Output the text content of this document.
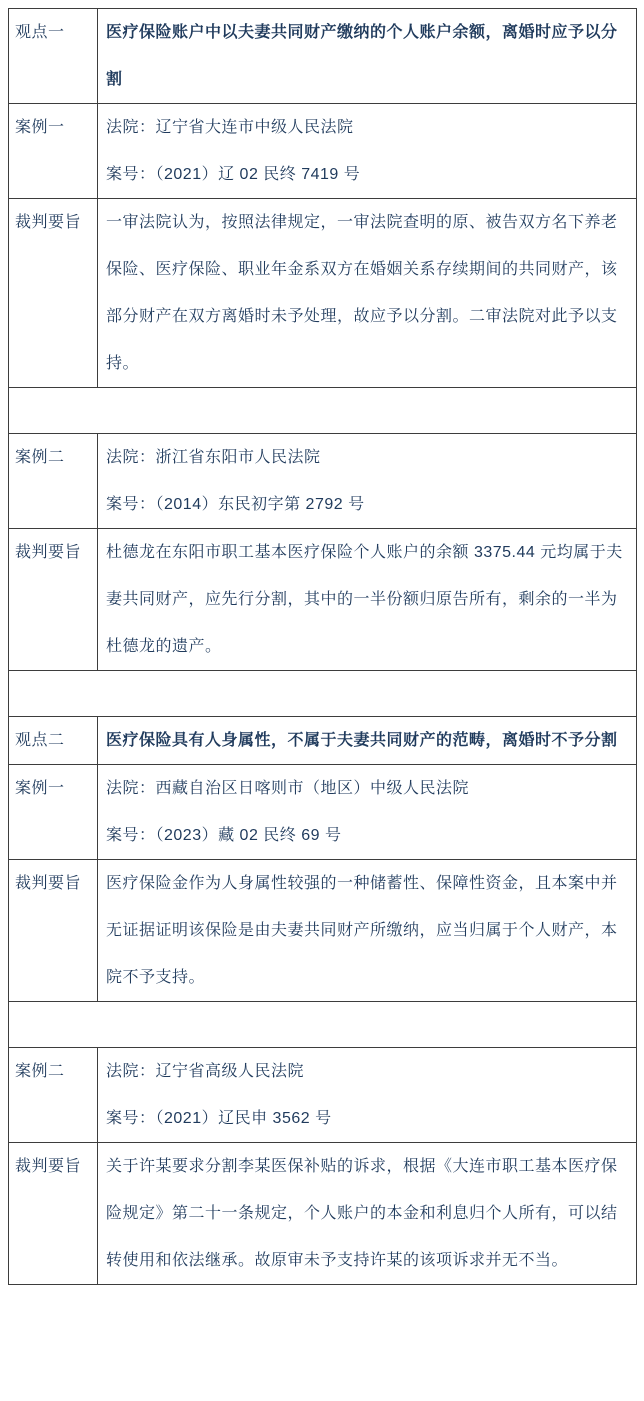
观点一	医疗保险账户中以夫妻共同财产缴纳的个人账户余额，离婚时应予以分割

案例一	法院：辽宁省大连市中级人民法院

案号：（2021）辽 02 民终 7419 号

裁判要旨	一审法院认为，按照法律规定，一审法院查明的原、被告双方名下养老保险、医疗保险、职业年金系双方在婚姻关系存续期间的共同财产，该部分财产在双方离婚时未予处理，故应予以分割。二审法院对此予以支持。

案例二	法院：浙江省东阳市人民法院

案号：（2014）东民初字第 2792 号

裁判要旨	杜德龙在东阳市职工基本医疗保险个人账户的余额 3375.44 元均属于夫妻共同财产，应先行分割，其中的一半份额归原告所有，剩余的一半为杜德龙的遗产。

观点二	医疗保险具有人身属性，不属于夫妻共同财产的范畴，离婚时不予分割

案例一	法院：西藏自治区日喀则市（地区）中级人民法院

案号：（2023）藏 02 民终 69 号

裁判要旨	医疗保险金作为人身属性较强的一种储蓄性、保障性资金，且本案中并无证据证明该保险是由夫妻共同财产所缴纳，应当归属于个人财产，本院不予支持。

案例二	法院：辽宁省高级人民法院

案号：（2021）辽民申 3562 号

裁判要旨	关于许某要求分割李某医保补贴的诉求，根据《大连市职工基本医疗保险规定》第二十一条规定，个人账户的本金和利息归个人所有，可以结转使用和依法继承。故原审未予支持许某的该项诉求并无不当。
